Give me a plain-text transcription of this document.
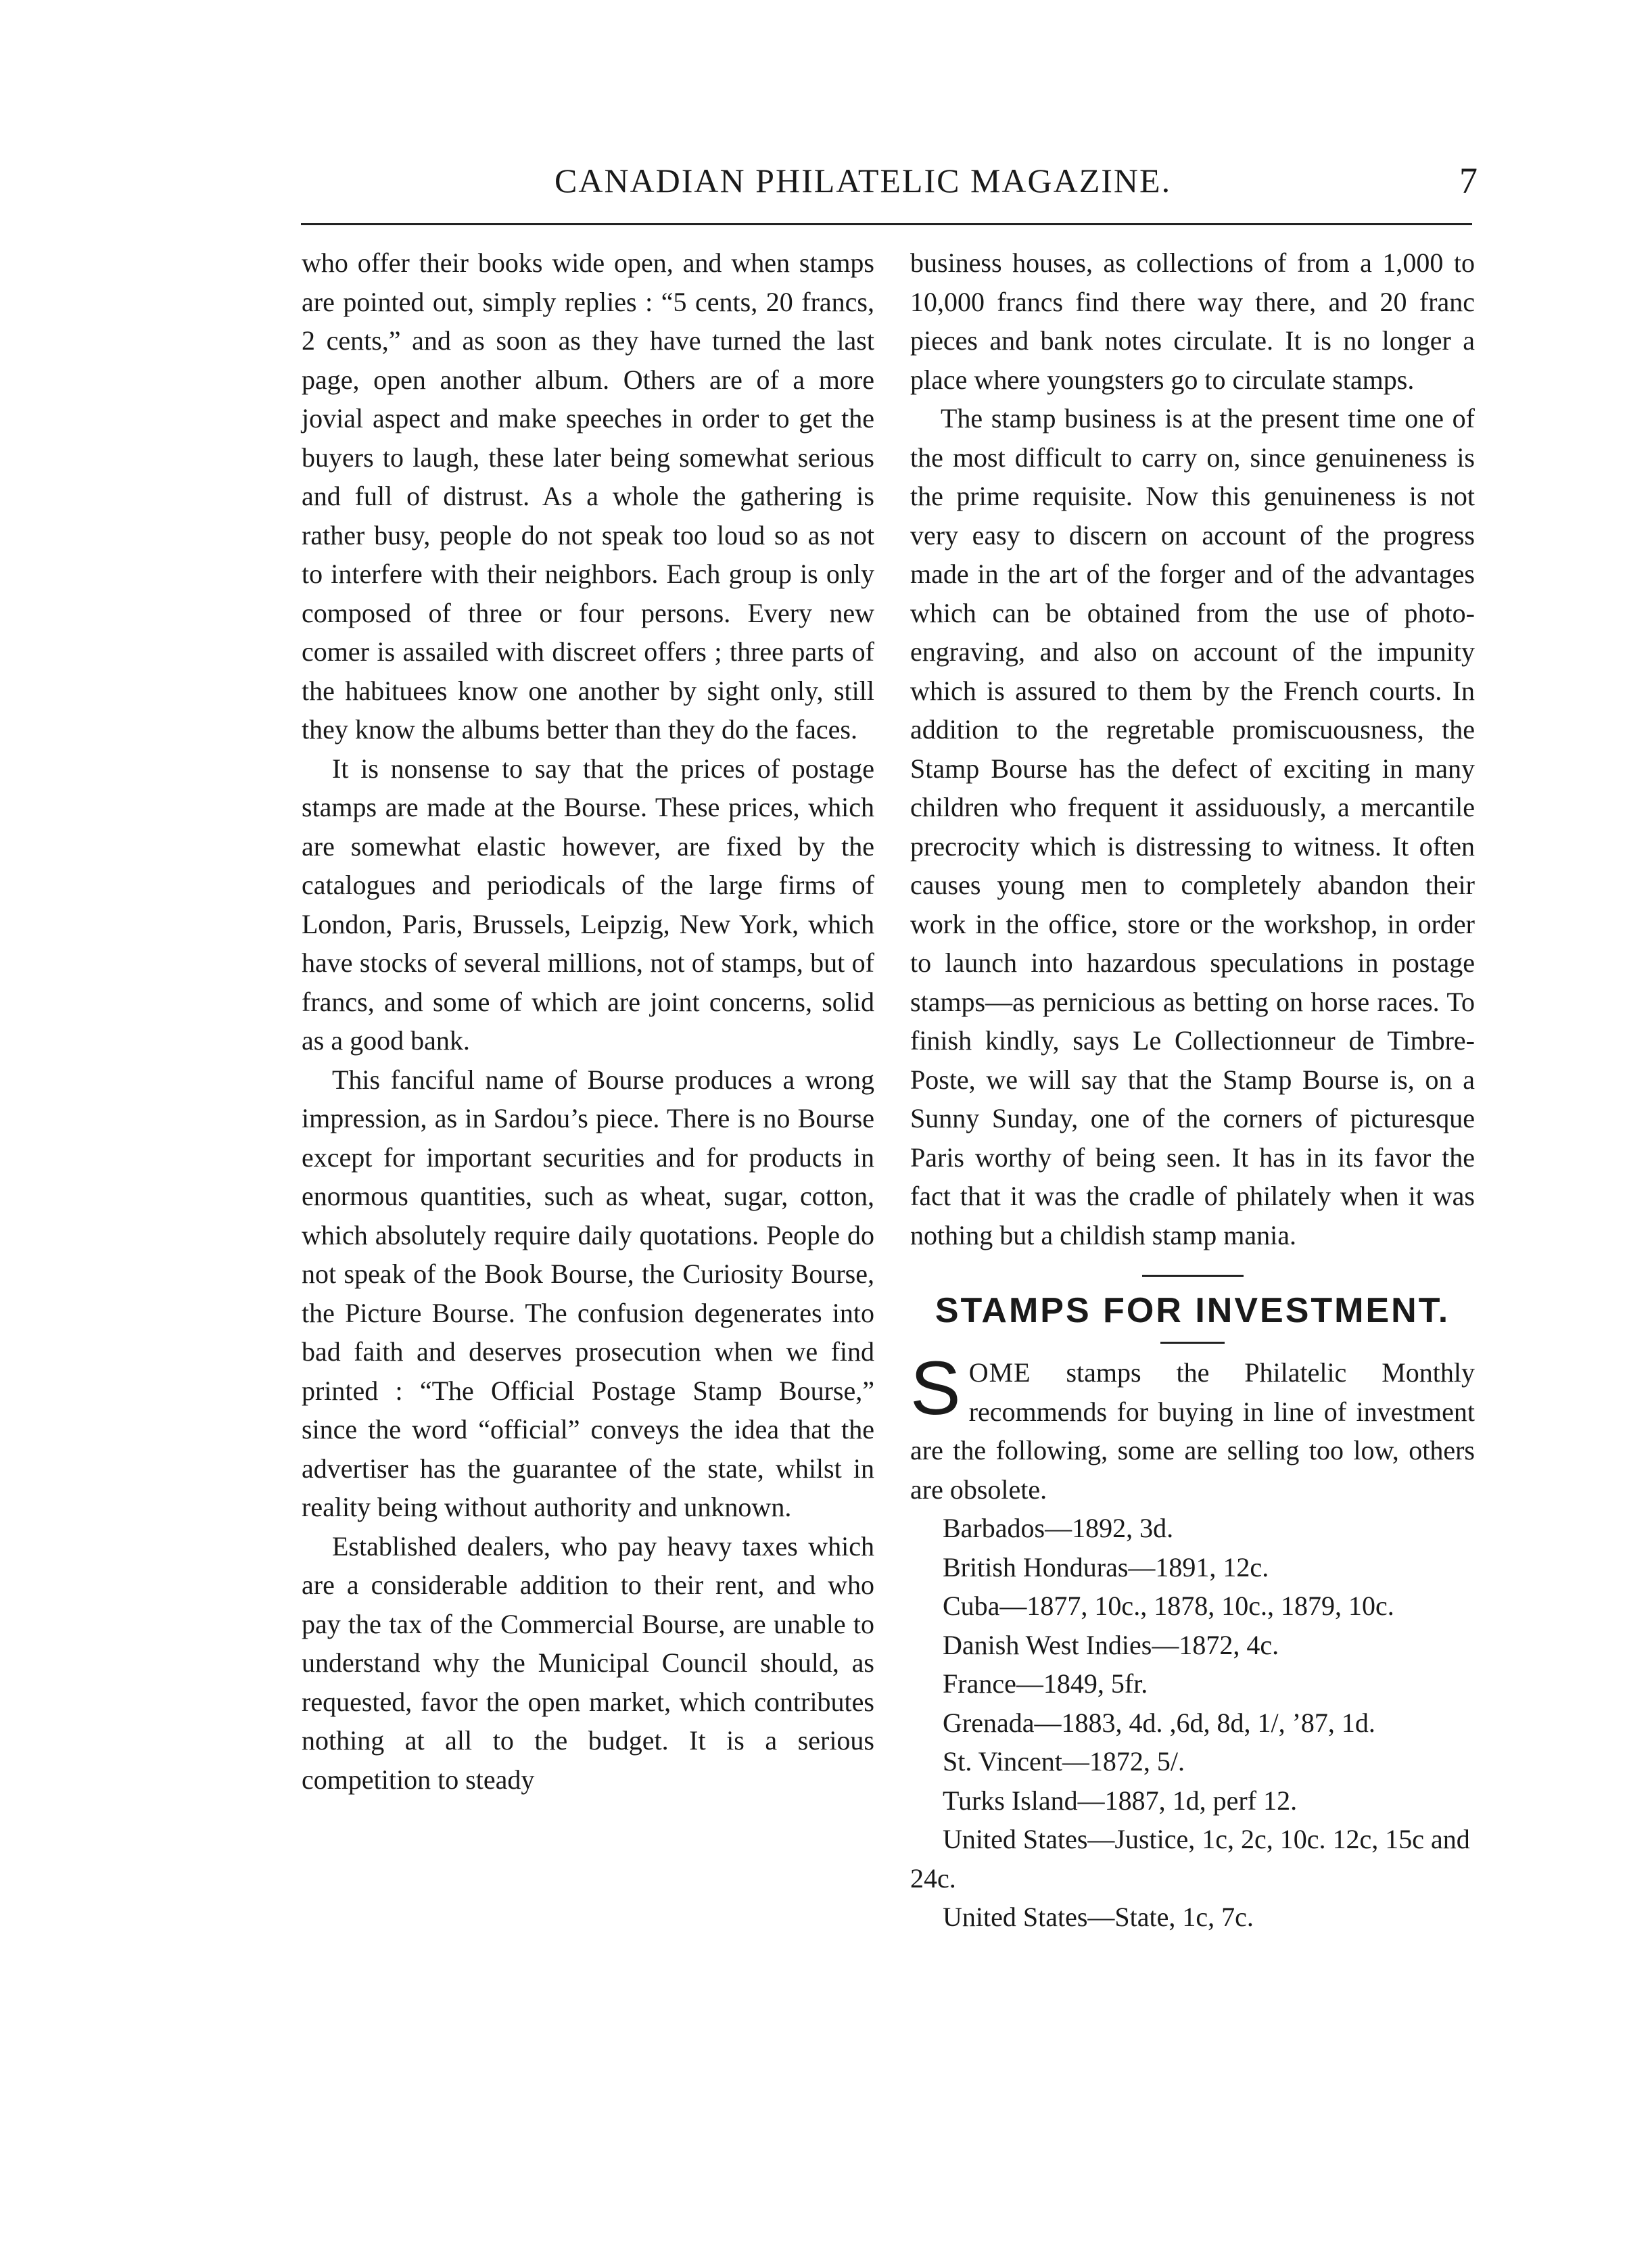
CANADIAN PHILATELIC MAGAZINE.	7

who offer their books wide open, and when stamps are pointed out, simply replies : “5 cents, 20 francs, 2 cents,” and as soon as they have turned the last page, open another album. Others are of a more jovial aspect and make speeches in order to get the buyers to laugh, these later being somewhat serious and full of distrust. As a whole the gathering is rather busy, people do not speak too loud so as not to interfere with their neighbors. Each group is only composed of three or four persons. Every new comer is assailed with discreet offers ; three parts of the habituees know one another by sight only, still they know the albums better than they do the faces.

It is nonsense to say that the prices of postage stamps are made at the Bourse. These prices, which are somewhat elastic however, are fixed by the catalogues and periodicals of the large firms of London, Paris, Brussels, Leipzig, New York, which have stocks of several millions, not of stamps, but of francs, and some of which are joint concerns, solid as a good bank.

This fanciful name of Bourse produces a wrong impression, as in Sardou’s piece. There is no Bourse except for important securities and for products in enormous quantities, such as wheat, sugar, cotton, which absolutely require daily quotations. People do not speak of the Book Bourse, the Curiosity Bourse, the Picture Bourse. The confusion degenerates into bad faith and deserves prosecution when we find printed : “The Official Postage Stamp Bourse,” since the word “official” conveys the idea that the advertiser has the guarantee of the state, whilst in reality being without authority and unknown.

Established dealers, who pay heavy taxes which are a considerable addition to their rent, and who pay the tax of the Commercial Bourse, are unable to understand why the Municipal Council should, as requested, favor the open market, which contributes nothing at all to the budget. It is a serious competition to steady

business houses, as collections of from a 1,000 to 10,000 francs find there way there, and 20 franc pieces and bank notes circulate. It is no longer a place where youngsters go to circulate stamps.

The stamp business is at the present time one of the most difficult to carry on, since genuineness is the prime requisite. Now this genuineness is not very easy to discern on account of the progress made in the art of the forger and of the advantages which can be obtained from the use of photo-engraving, and also on account of the impunity which is assured to them by the French courts. In addition to the regretable promiscuousness, the Stamp Bourse has the defect of exciting in many children who frequent it assiduously, a mercantile precrocity which is distressing to witness. It often causes young men to completely abandon their work in the office, store or the workshop, in order to launch into hazardous speculations in postage stamps—as pernicious as betting on horse races. To finish kindly, says Le Collectionneur de Timbre-Poste, we will say that the Stamp Bourse is, on a Sunny Sunday, one of the corners of picturesque Paris worthy of being seen. It has in its favor the fact that it was the cradle of philately when it was nothing but a childish stamp mania.

STAMPS FOR INVESTMENT.

SOME stamps the Philatelic Monthly recommends for buying in line of investment are the following, some are selling too low, others are obsolete.

Barbados—1892, 3d.
British Honduras—1891, 12c.
Cuba—1877, 10c., 1878, 10c., 1879, 10c.
Danish West Indies—1872, 4c.
France—1849, 5fr.
Grenada—1883, 4d. ,6d, 8d, 1/, ’87, 1d.
St. Vincent—1872, 5/.
Turks Island—1887, 1d, perf 12.
United States—Justice, 1c, 2c, 10c. 12c, 15c and 24c.
United States—State, 1c, 7c.
